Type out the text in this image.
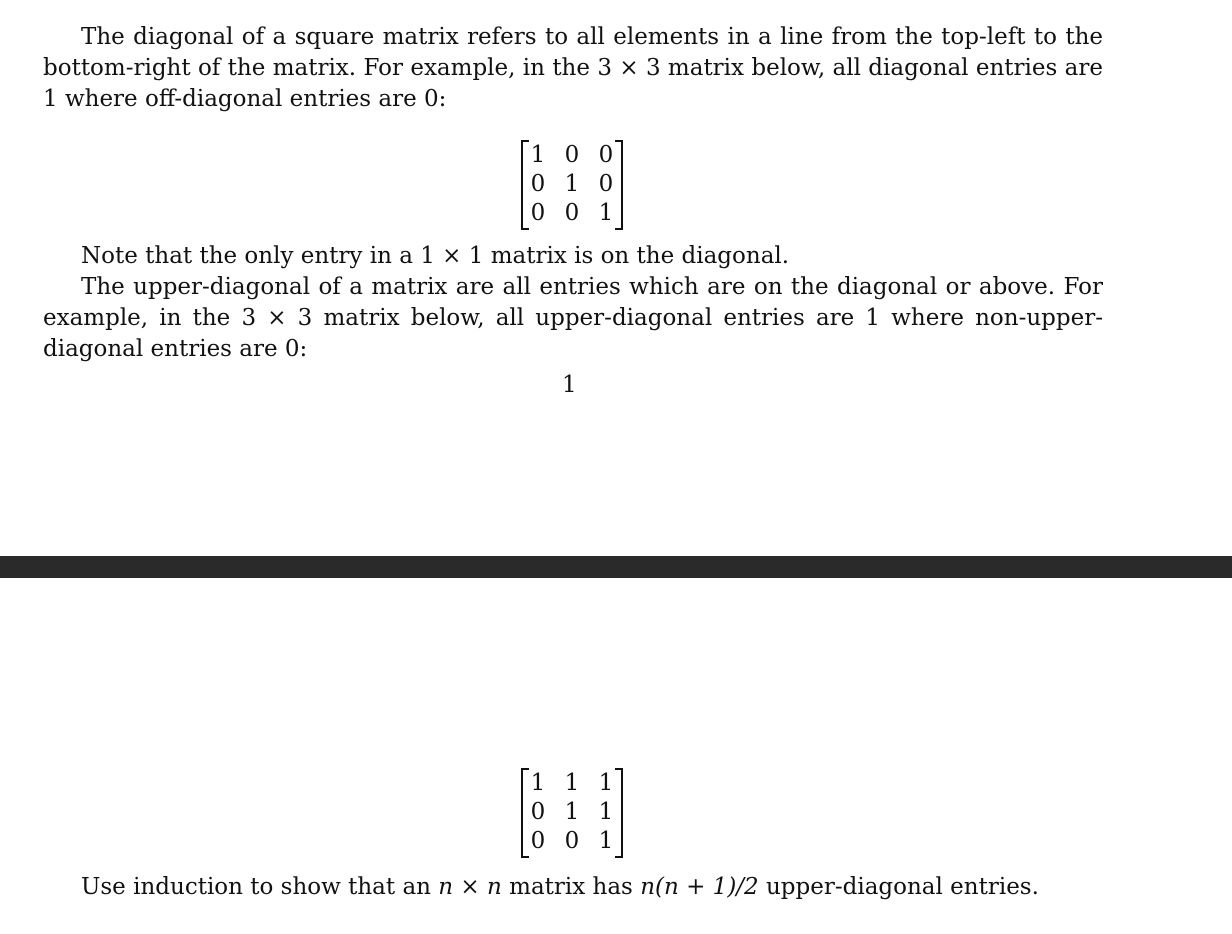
The diagonal of a square matrix refers to all elements in a line from the top-left to the bottom-right of the matrix. For example, in the 3 × 3 matrix below, all diagonal entries are 1 where off-diagonal entries are 0:

1 0 0
0 1 0
0 0 1

Note that the only entry in a 1 × 1 matrix is on the diagonal.

The upper-diagonal of a matrix are all entries which are on the diagonal or above. For example, in the 3 × 3 matrix below, all upper-diagonal entries are 1 where non-upper-diagonal entries are 0:

1
1 1 1
0 1 1
0 0 1

Use induction to show that an n × n matrix has n(n + 1)/2 upper-diagonal entries.
